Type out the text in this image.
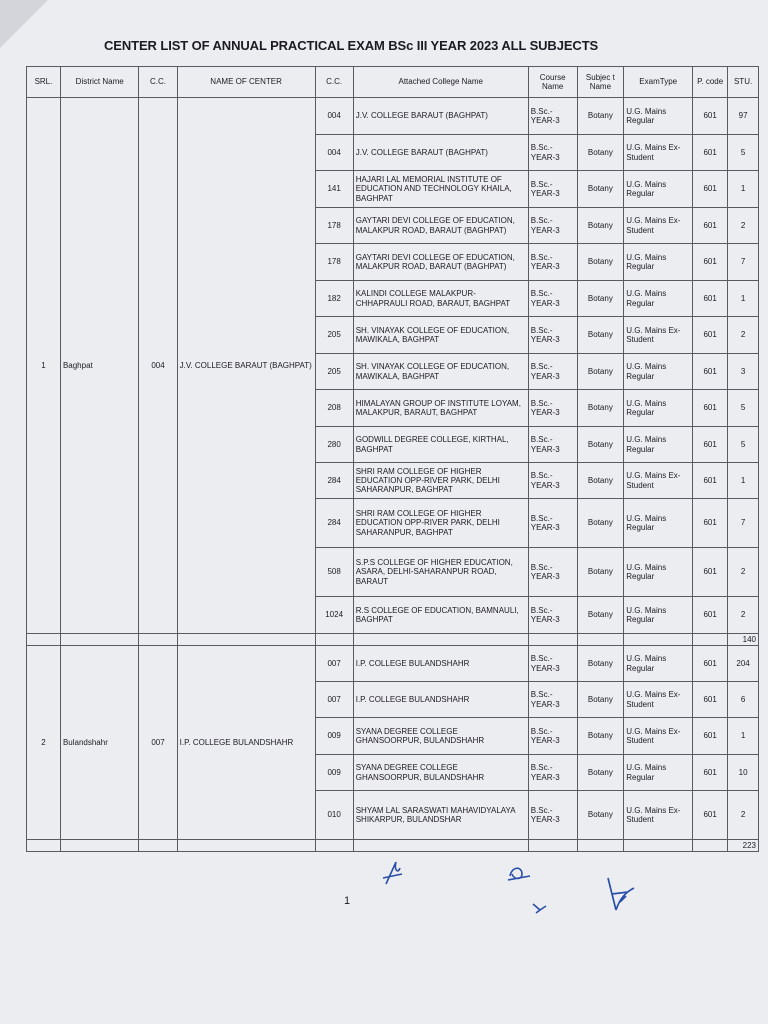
CENTER LIST OF ANNUAL PRACTICAL EXAM BSc III YEAR 2023 ALL SUBJECTS
SRL.	District Name	C.C.	NAME OF CENTER	C.C.	Attached College Name	Course Name	Subjec t Name	ExamType	P. code	STU.
1	Baghpat	004	J.V. COLLEGE BARAUT (BAGHPAT)	004	J.V. COLLEGE BARAUT (BAGHPAT)	B.Sc.-YEAR-3	Botany	U.G. Mains Regular	601	97
				004	J.V. COLLEGE BARAUT (BAGHPAT)	B.Sc.-YEAR-3	Botany	U.G. Mains Ex-Student	601	5
				141	HAJARI LAL MEMORIAL INSTITUTE OF EDUCATION AND TECHNOLOGY KHAILA, BAGHPAT	B.Sc.-YEAR-3	Botany	U.G. Mains Regular	601	1
				178	GAYTARI DEVI COLLEGE OF EDUCATION, MALAKPUR ROAD, BARAUT (BAGHPAT)	B.Sc.-YEAR-3	Botany	U.G. Mains Ex-Student	601	2
				178	GAYTARI DEVI COLLEGE OF EDUCATION, MALAKPUR ROAD, BARAUT (BAGHPAT)	B.Sc.-YEAR-3	Botany	U.G. Mains Regular	601	7
				182	KALINDI COLLEGE MALAKPUR-CHHAPRAULI ROAD, BARAUT, BAGHPAT	B.Sc.-YEAR-3	Botany	U.G. Mains Regular	601	1
				205	SH. VINAYAK COLLEGE OF EDUCATION, MAWIKALA, BAGHPAT	B.Sc.-YEAR-3	Botany	U.G. Mains Ex-Student	601	2
				205	SH. VINAYAK COLLEGE OF EDUCATION, MAWIKALA, BAGHPAT	B.Sc.-YEAR-3	Botany	U.G. Mains Regular	601	3
				208	HIMALAYAN GROUP OF INSTITUTE LOYAM, MALAKPUR, BARAUT, BAGHPAT	B.Sc.-YEAR-3	Botany	U.G. Mains Regular	601	5
				280	GODWILL DEGREE COLLEGE, KIRTHAL, BAGHPAT	B.Sc.-YEAR-3	Botany	U.G. Mains Regular	601	5
				284	SHRI RAM COLLEGE OF HIGHER EDUCATION OPP-RIVER PARK, DELHI SAHARANPUR, BAGHPAT	B.Sc.-YEAR-3	Botany	U.G. Mains Ex-Student	601	1
				284	SHRI RAM COLLEGE OF HIGHER EDUCATION OPP-RIVER PARK, DELHI SAHARANPUR, BAGHPAT	B.Sc.-YEAR-3	Botany	U.G. Mains Regular	601	7
				508	S.P.S COLLEGE OF HIGHER EDUCATION, ASARA, DELHI-SAHARANPUR ROAD, BARAUT	B.Sc.-YEAR-3	Botany	U.G. Mains Regular	601	2
				1024	R.S COLLEGE OF EDUCATION, BAMNAULI, BAGHPAT	B.Sc.-YEAR-3	Botany	U.G. Mains Regular	601	2
										140
2	Bulandshahr	007	I.P. COLLEGE BULANDSHAHR	007	I.P. COLLEGE BULANDSHAHR	B.Sc.-YEAR-3	Botany	U.G. Mains Regular	601	204
				007	I.P. COLLEGE BULANDSHAHR	B.Sc.-YEAR-3	Botany	U.G. Mains Ex-Student	601	6
				009	SYANA DEGREE COLLEGE GHANSOORPUR, BULANDSHAHR	B.Sc.-YEAR-3	Botany	U.G. Mains Ex-Student	601	1
				009	SYANA DEGREE COLLEGE GHANSOORPUR, BULANDSHAHR	B.Sc.-YEAR-3	Botany	U.G. Mains Regular	601	10
				010	SHYAM LAL SARASWATI MAHAVIDYALAYA SHIKARPUR, BULANDSHAR	B.Sc.-YEAR-3	Botany	U.G. Mains Ex-Student	601	2
										223
1
